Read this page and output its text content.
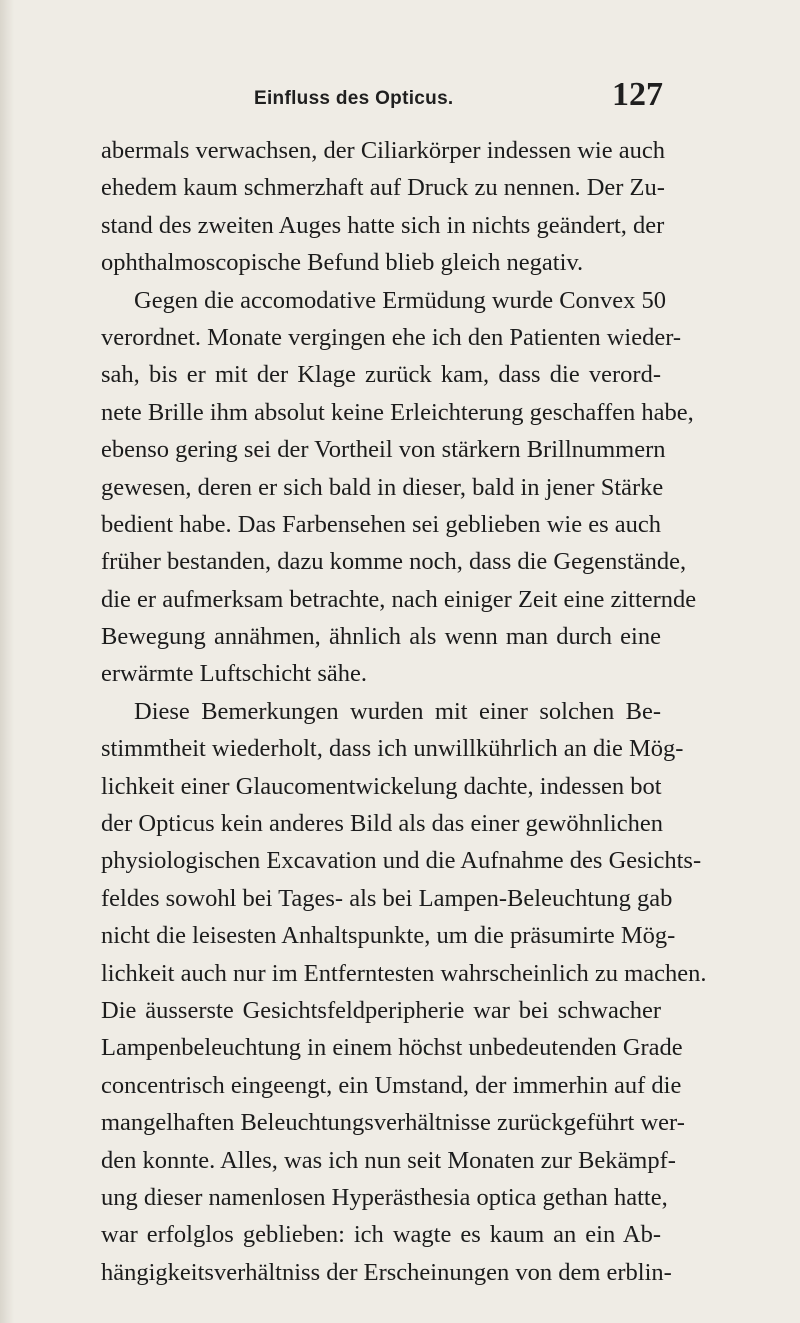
Einfluss des Opticus.	127
abermals verwachsen, der Ciliarkörper indessen wie auch
ehedem kaum schmerzhaft auf Druck zu nennen. Der Zu-
stand des zweiten Auges hatte sich in nichts geändert, der
ophthalmoscopische Befund blieb gleich negativ.
Gegen die accomodative Ermüdung wurde Convex 50
verordnet. Monate vergingen ehe ich den Patienten wieder-
sah, bis er mit der Klage zurück kam, dass die verord-
nete Brille ihm absolut keine Erleichterung geschaffen habe,
ebenso gering sei der Vortheil von stärkern Brillnummern
gewesen, deren er sich bald in dieser, bald in jener Stärke
bedient habe. Das Farbensehen sei geblieben wie es auch
früher bestanden, dazu komme noch, dass die Gegenstände,
die er aufmerksam betrachte, nach einiger Zeit eine zitternde
Bewegung annähmen, ähnlich als wenn man durch eine
erwärmte Luftschicht sähe.
Diese Bemerkungen wurden mit einer solchen Be-
stimmtheit wiederholt, dass ich unwillkührlich an die Mög-
lichkeit einer Glaucomentwickelung dachte, indessen bot
der Opticus kein anderes Bild als das einer gewöhnlichen
physiologischen Excavation und die Aufnahme des Gesichts-
feldes sowohl bei Tages- als bei Lampen-Beleuchtung gab
nicht die leisesten Anhaltspunkte, um die präsumirte Mög-
lichkeit auch nur im Entferntesten wahrscheinlich zu machen.
Die äusserste Gesichtsfeldperipherie war bei schwacher
Lampenbeleuchtung in einem höchst unbedeutenden Grade
concentrisch eingeengt, ein Umstand, der immerhin auf die
mangelhaften Beleuchtungsverhältnisse zurückgeführt wer-
den konnte. Alles, was ich nun seit Monaten zur Bekämpf-
ung dieser namenlosen Hyperästhesia optica gethan hatte,
war erfolglos geblieben: ich wagte es kaum an ein Ab-
hängigkeitsverhältniss der Erscheinungen von dem erblin-
